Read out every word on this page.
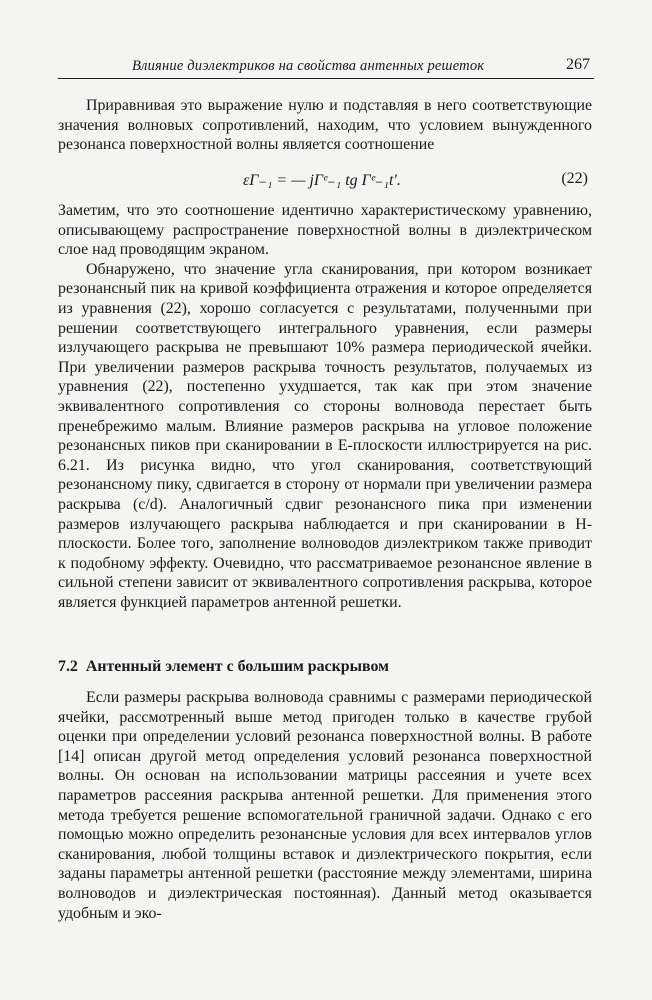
Влияние диэлектриков на свойства антенных решеток	267

Приравнивая это выражение нулю и подставляя в него соответствующие значения волновых сопротивлений, находим, что условием вынужденного резонанса поверхностной волны является соотношение

εΓ₋₁ = — jΓᵉ₋₁ tg Γᵉ₋₁t′.	(22)

Заметим, что это соотношение идентично характеристическому уравнению, описывающему распространение поверхностной волны в диэлектрическом слое над проводящим экраном.

Обнаружено, что значение угла сканирования, при котором возникает резонансный пик на кривой коэффициента отражения и которое определяется из уравнения (22), хорошо согласуется с результатами, полученными при решении соответствующего интегрального уравнения, если размеры излучающего раскрыва не превышают 10% размера периодической ячейки. При увеличении размеров раскрыва точность результатов, получаемых из уравнения (22), постепенно ухудшается, так как при этом значение эквивалентного сопротивления со стороны волновода перестает быть пренебрежимо малым. Влияние размеров раскрыва на угловое положение резонансных пиков при сканировании в E-плоскости иллюстрируется на рис. 6.21. Из рисунка видно, что угол сканирования, соответствующий резонансному пику, сдвигается в сторону от нормали при увеличении размера раскрыва (c/d). Аналогичный сдвиг резонансного пика при изменении размеров излучающего раскрыва наблюдается и при сканировании в H-плоскости. Более того, заполнение волноводов диэлектриком также приводит к подобному эффекту. Очевидно, что рассматриваемое резонансное явление в сильной степени зависит от эквивалентного сопротивления раскрыва, которое является функцией параметров антенной решетки.

7.2 Антенный элемент с большим раскрывом

Если размеры раскрыва волновода сравнимы с размерами периодической ячейки, рассмотренный выше метод пригоден только в качестве грубой оценки при определении условий резонанса поверхностной волны. В работе [14] описан другой метод определения условий резонанса поверхностной волны. Он основан на использовании матрицы рассеяния и учете всех параметров рассеяния раскрыва антенной решетки. Для применения этого метода требуется решение вспомогательной граничной задачи. Однако с его помощью можно определить резонансные условия для всех интервалов углов сканирования, любой толщины вставок и диэлектрического покрытия, если заданы параметры антенной решетки (расстояние между элементами, ширина волноводов и диэлектрическая постоянная). Данный метод оказывается удобным и эко-
